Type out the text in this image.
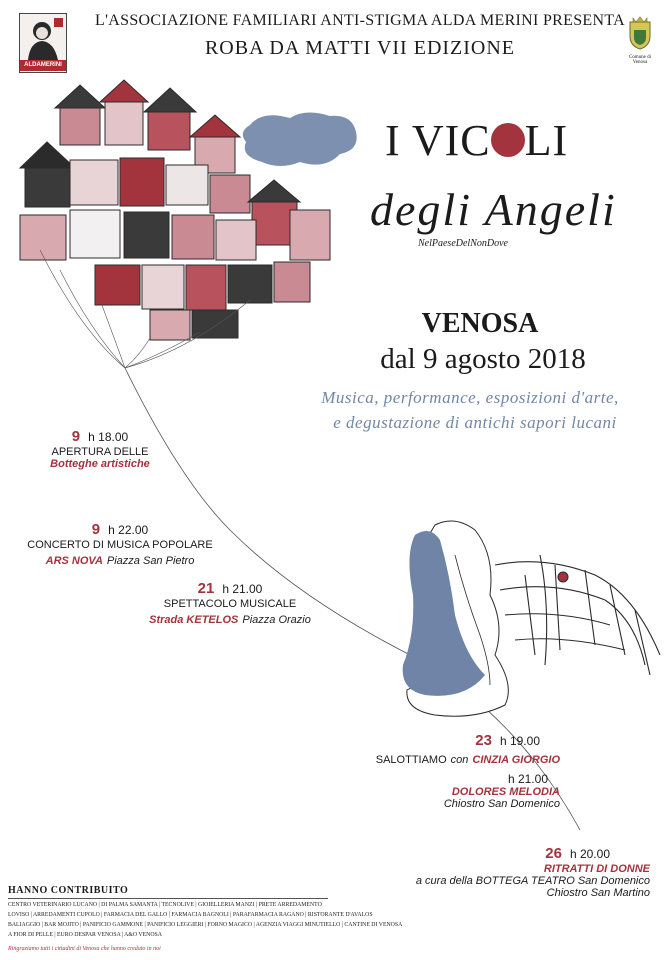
ALDAMERINI
Comune di Venosa
L'ASSOCIAZIONE FAMILIARI ANTI-STIGMA ALDA MERINI PRESENTA
ROBA DA MATTI VII EDIZIONE
I VIC LI
degli Angeli
NelPaeseDelNonDove
VENOSA
dal 9 agosto 2018
Musica, performance, esposizioni d'arte,
e degustazione di antichi sapori lucani
9 h 18.00
APERTURA DELLE
Botteghe artistiche
9 h 22.00
CONCERTO DI MUSICA POPOLARE
ARS NOVA Piazza San Pietro
21 h 21.00
SPETTACOLO MUSICALE
Strada KETELOS Piazza Orazio
23 h 19.00
SALOTTIAMO con CINZIA GIORGIO
h 21.00
DOLORES MELODIA
Chiostro San Domenico
26 h 20.00
RITRATTI DI DONNE
a cura della BOTTEGA TEATRO San Domenico
Chiostro San Martino
HANNO CONTRIBUITO
CENTRO VETERINARIO LUCANO | DI PALMA SAMANTA | TECNOLIVE | GIOIELLERIA MANZI | PRETE ARREDAMENTO
LOVISO | ARREDAMENTI CUPOLO | FARMACIA DEL GALLO | FARMACIA BAGNOLI | PARAFARMACIA RAGANO | RISTORANTE D'AVALOS
BALIAGGIO | BAR MOJITO | PANIFICIO GAMMONE | PANIFICIO LEGGIERI | FORNO MAGICO | AGENZIA VIAGGI MINUTIELLO | CANTINE DI VENOSA
A FIOR DI PELLE | EURO DESPAR VENOSA | A&O VENOSA
Ringraziamo tutti i cittadini di Venosa che hanno creduto in noi
